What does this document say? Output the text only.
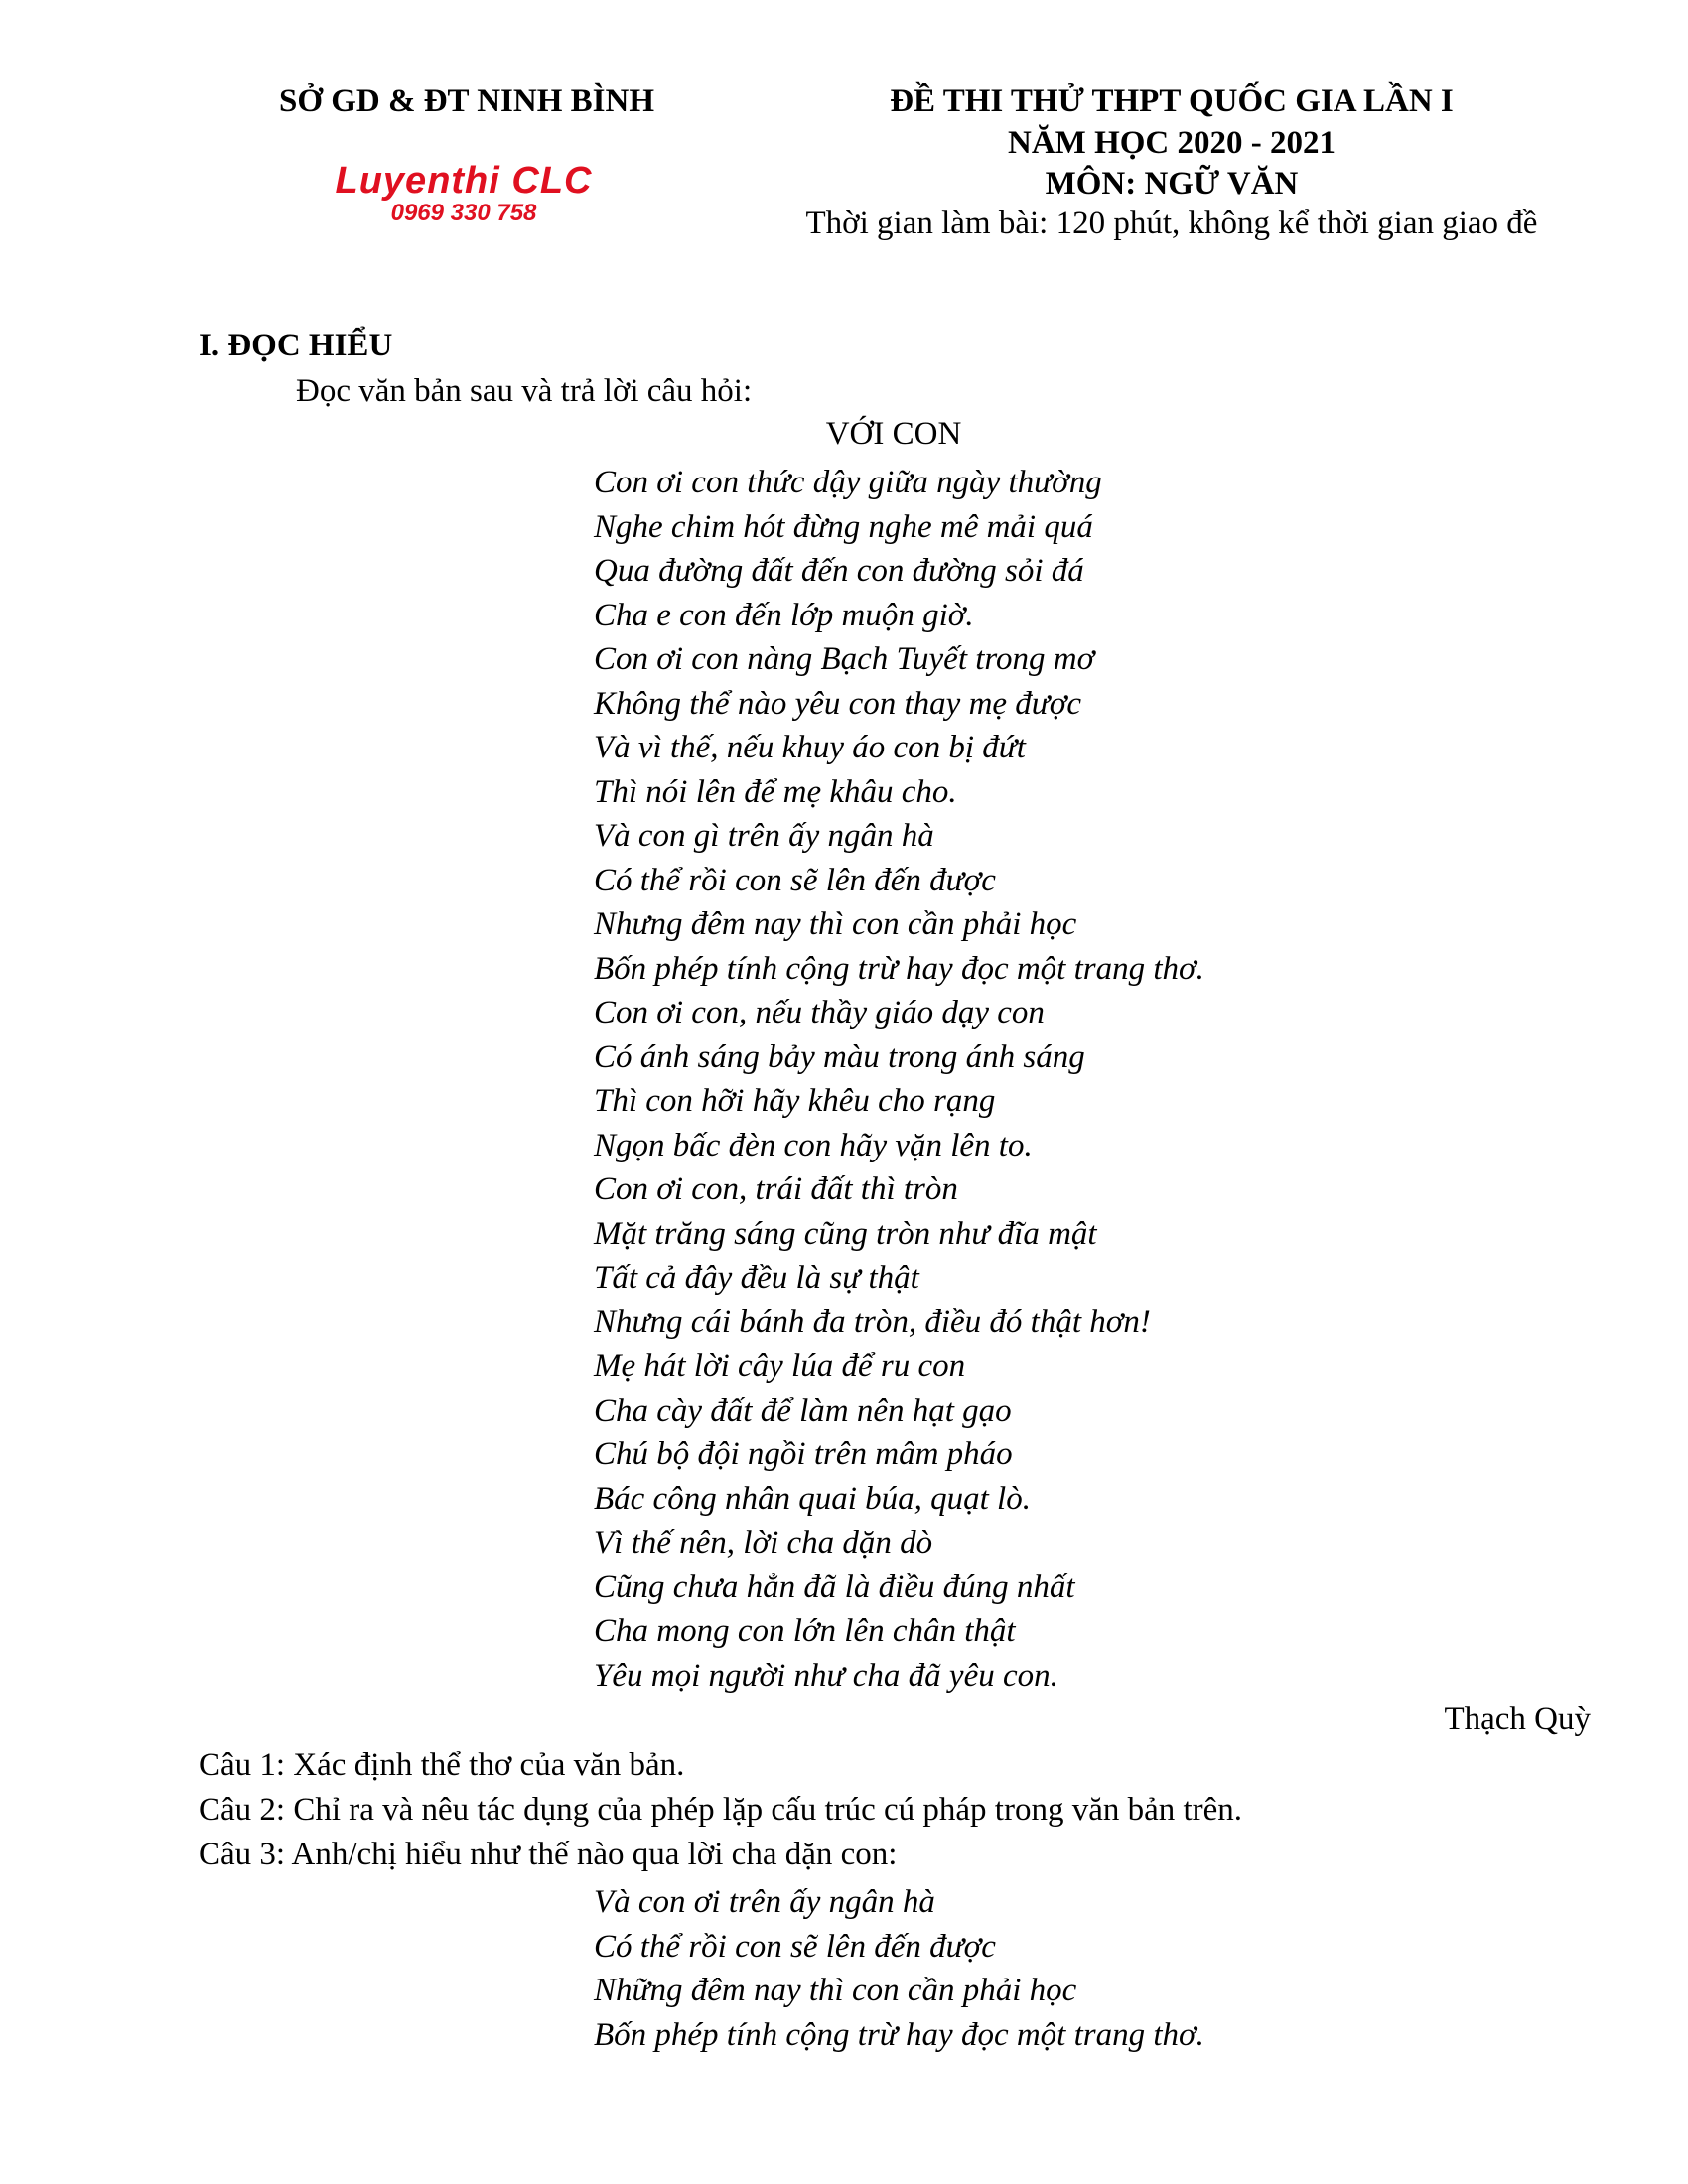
SỞ GD & ĐT NINH BÌNH
Luyenthi CLC
0969 330 758
ĐỀ THI THỬ THPT QUỐC GIA LẦN I
NĂM HỌC 2020 - 2021
MÔN: NGỮ VĂN
Thời gian làm bài: 120 phút, không kể thời gian giao đề
I. ĐỌC HIỂU
Đọc văn bản sau và trả lời câu hỏi:
VỚI CON
Con ơi con thức dậy giữa ngày thường
Nghe chim hót đừng nghe mê mải quá
Qua đường đất đến con đường sỏi đá
Cha e con đến lớp muộn giờ.
Con ơi con nàng Bạch Tuyết trong mơ
Không thể nào yêu con thay mẹ được
Và vì thế, nếu khuy áo con bị đứt
Thì nói lên để mẹ khâu cho.
Và con gì trên ấy ngân hà
Có thể rồi con sẽ lên đến được
Nhưng đêm nay thì con cần phải học
Bốn phép tính cộng trừ hay đọc một trang thơ.
Con ơi con, nếu thầy giáo dạy con
Có ánh sáng bảy màu trong ánh sáng
Thì con hỡi hãy khêu cho rạng
Ngọn bấc đèn con hãy vặn lên to.
Con ơi con, trái đất thì tròn
Mặt trăng sáng cũng tròn như đĩa mật
Tất cả đây đều là sự thật
Nhưng cái bánh đa tròn, điều đó thật hơn!
Mẹ hát lời cây lúa để ru con
Cha cày đất để làm nên hạt gạo
Chú bộ đội ngồi trên mâm pháo
Bác công nhân quai búa, quạt lò.
Vì thế nên, lời cha dặn dò
Cũng chưa hẳn đã là điều đúng nhất
Cha mong con lớn lên chân thật
Yêu mọi người như cha đã yêu con.
Thạch Quỳ
Câu 1: Xác định thể thơ của văn bản.
Câu 2: Chỉ ra và nêu tác dụng của phép lặp cấu trúc cú pháp trong văn bản trên.
Câu 3: Anh/chị hiểu như thế nào qua lời cha dặn con:
Và con ơi trên ấy ngân hà
Có thể rồi con sẽ lên đến được
Những đêm nay thì con cần phải học
Bốn phép tính cộng trừ hay đọc một trang thơ.
